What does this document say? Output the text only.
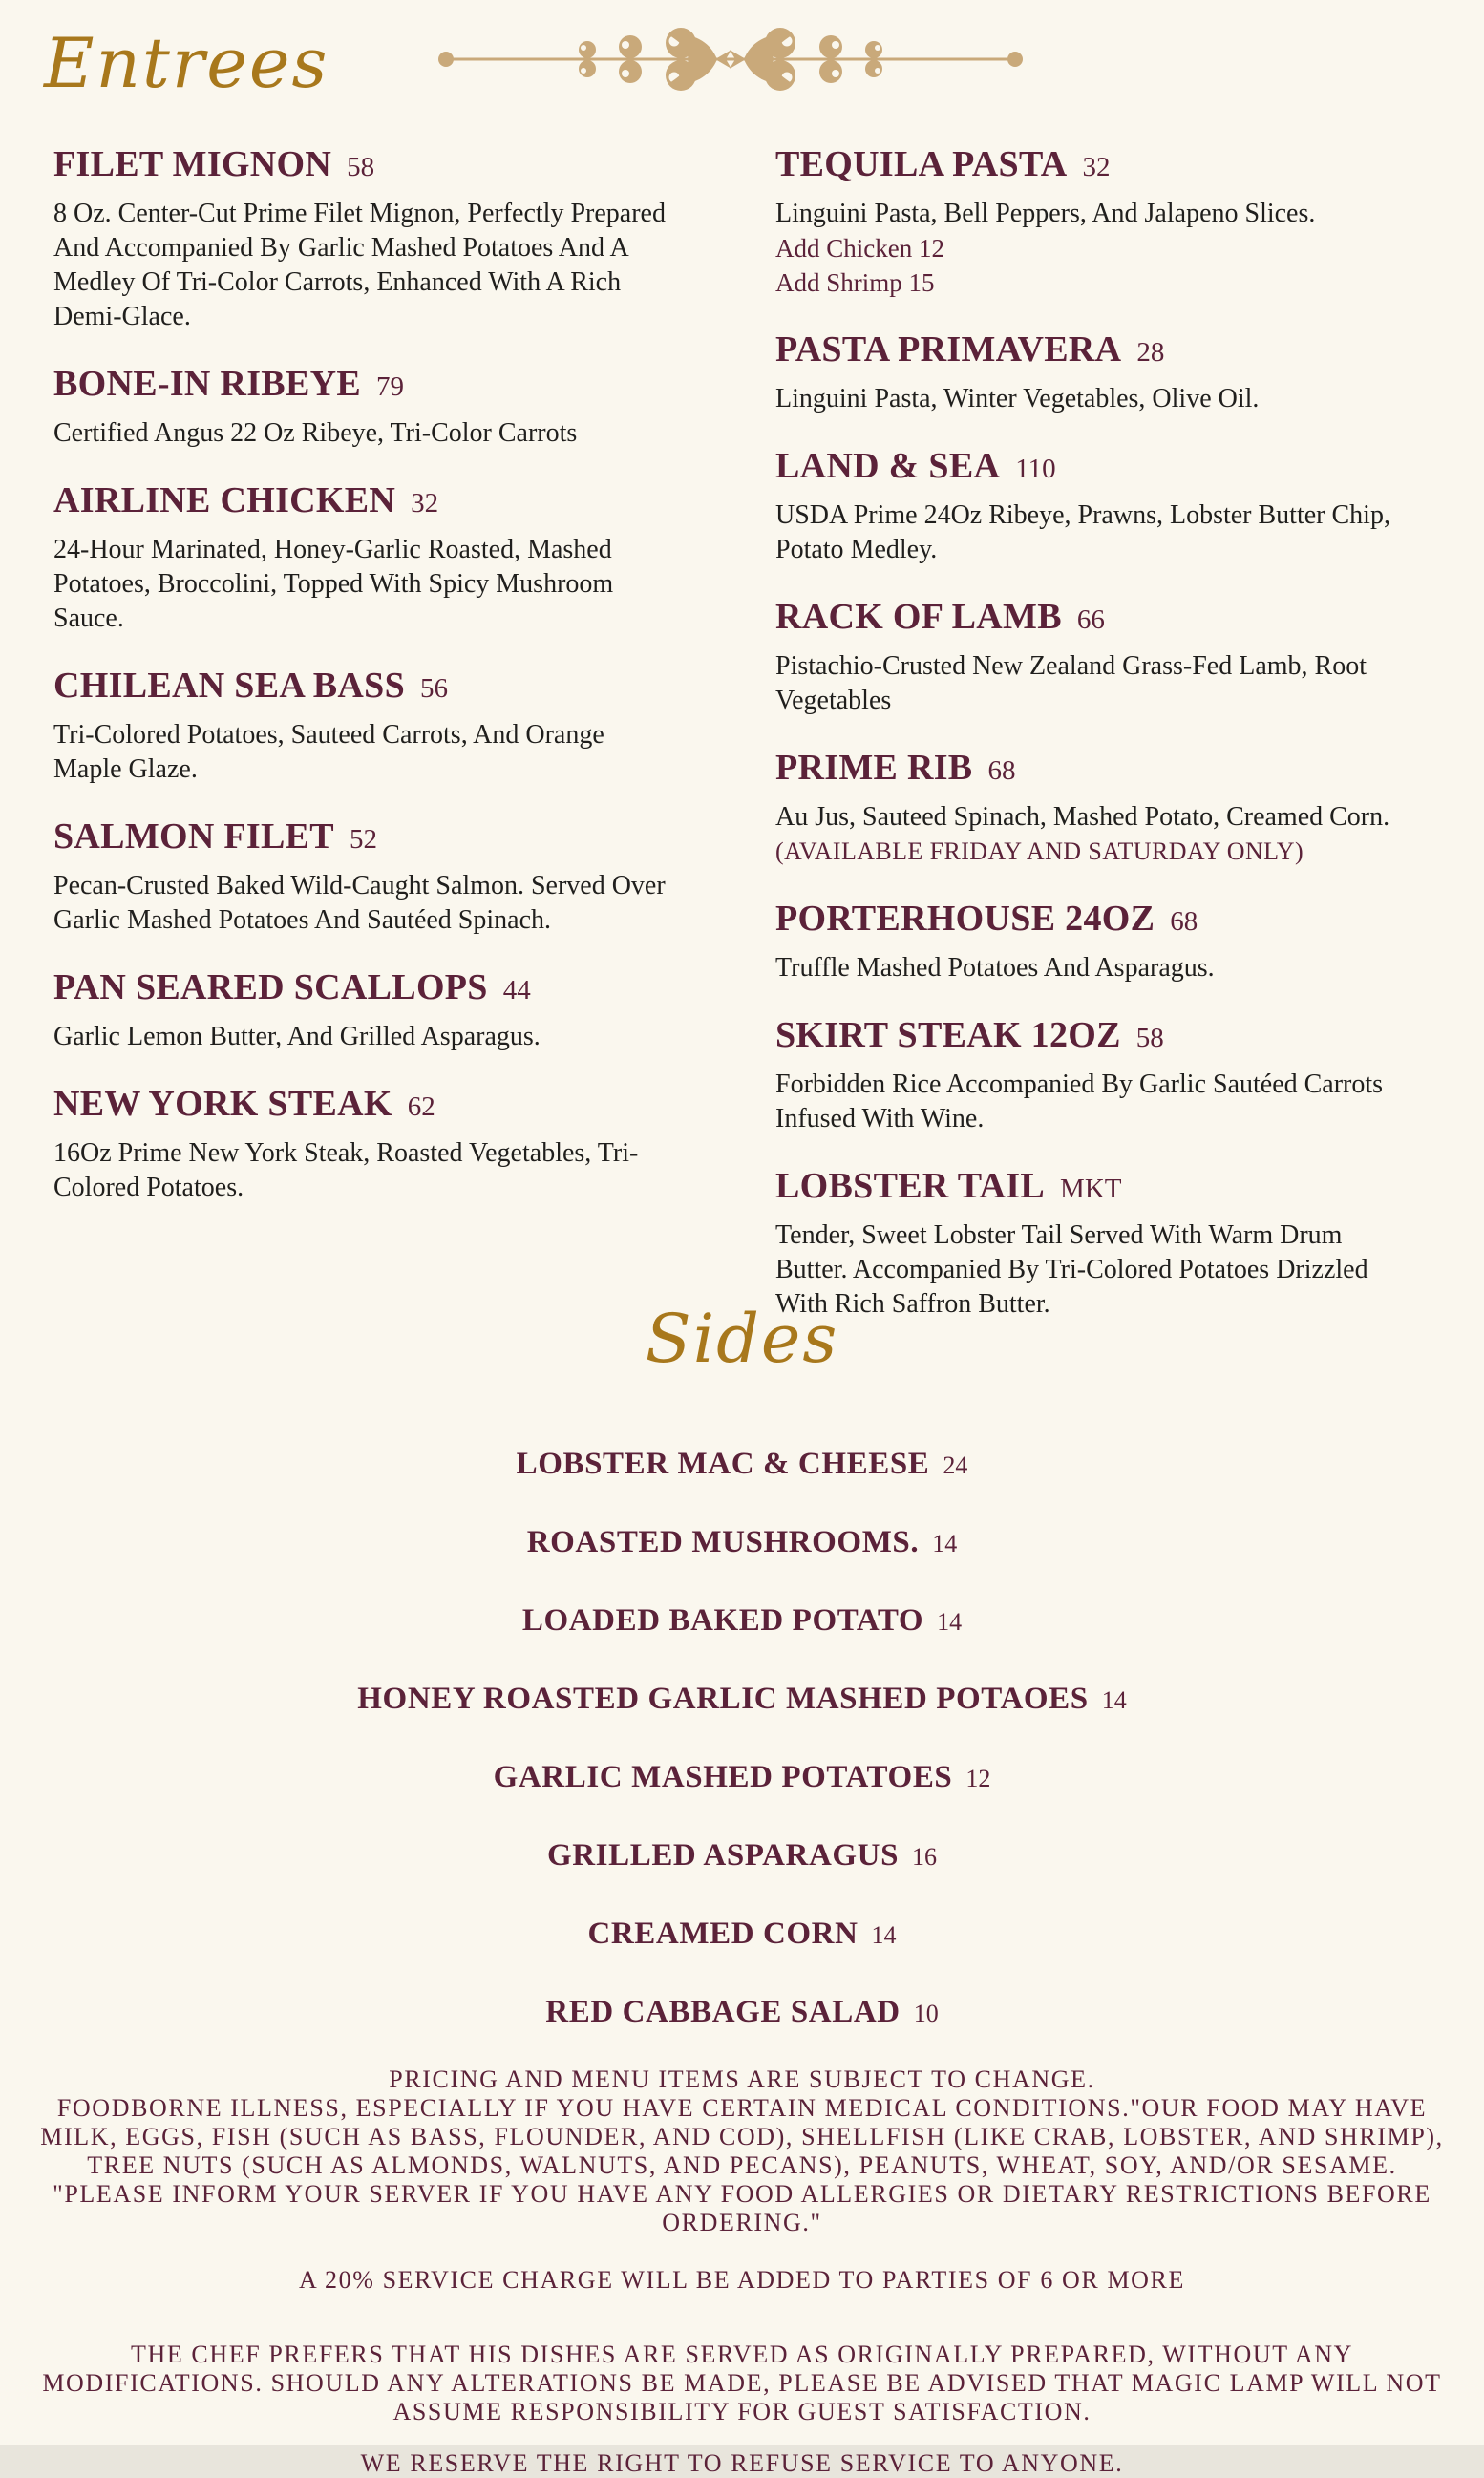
Entrees
FILET MIGNON 58
8 Oz. Center-Cut Prime Filet Mignon, Perfectly Prepared And Accompanied By Garlic Mashed Potatoes And A Medley Of Tri-Color Carrots, Enhanced With A Rich Demi-Glace.
BONE-IN RIBEYE 79
Certified Angus 22 Oz Ribeye, Tri-Color Carrots
AIRLINE CHICKEN 32
24-Hour Marinated, Honey-Garlic Roasted, Mashed Potatoes, Broccolini, Topped With Spicy Mushroom Sauce.
CHILEAN SEA BASS 56
Tri-Colored Potatoes, Sauteed Carrots, And Orange Maple Glaze.
SALMON FILET 52
Pecan-Crusted Baked Wild-Caught Salmon. Served Over Garlic Mashed Potatoes And Sautéed Spinach.
PAN SEARED SCALLOPS 44
Garlic Lemon Butter, And Grilled Asparagus.
NEW YORK STEAK 62
16Oz Prime New York Steak, Roasted Vegetables, Tri-Colored Potatoes.
TEQUILA PASTA 32
Linguini Pasta, Bell Peppers, And Jalapeno Slices.
Add Chicken 12
Add Shrimp 15
PASTA PRIMAVERA 28
Linguini Pasta, Winter Vegetables, Olive Oil.
LAND & SEA 110
USDA Prime 24Oz Ribeye, Prawns, Lobster Butter Chip, Potato Medley.
RACK OF LAMB 66
Pistachio-Crusted New Zealand Grass-Fed Lamb, Root Vegetables
PRIME RIB 68
Au Jus, Sauteed Spinach, Mashed Potato, Creamed Corn.
(AVAILABLE FRIDAY AND SATURDAY ONLY)
PORTERHOUSE 24OZ 68
Truffle Mashed Potatoes And Asparagus.
SKIRT STEAK 12OZ 58
Forbidden Rice Accompanied By Garlic Sautéed Carrots Infused With Wine.
LOBSTER TAIL MKT
Tender, Sweet Lobster Tail Served With Warm Drum Butter. Accompanied By Tri-Colored Potatoes Drizzled With Rich Saffron Butter.
Sides
LOBSTER MAC & CHEESE 24
ROASTED MUSHROOMS. 14
LOADED BAKED POTATO 14
HONEY ROASTED GARLIC MASHED POTAOES 14
GARLIC MASHED POTATOES 12
GRILLED ASPARAGUS 16
CREAMED CORN 14
RED CABBAGE SALAD 10
PRICING AND MENU ITEMS ARE SUBJECT TO CHANGE.
FOODBORNE ILLNESS, ESPECIALLY IF YOU HAVE CERTAIN MEDICAL CONDITIONS."OUR FOOD MAY HAVE MILK, EGGS, FISH (SUCH AS BASS, FLOUNDER, AND COD), SHELLFISH (LIKE CRAB, LOBSTER, AND SHRIMP), TREE NUTS (SUCH AS ALMONDS, WALNUTS, AND PECANS), PEANUTS, WHEAT, SOY, AND/OR SESAME. "PLEASE INFORM YOUR SERVER IF YOU HAVE ANY FOOD ALLERGIES OR DIETARY RESTRICTIONS BEFORE ORDERING."
A 20% SERVICE CHARGE WILL BE ADDED TO PARTIES OF 6 OR MORE
THE CHEF PREFERS THAT HIS DISHES ARE SERVED AS ORIGINALLY PREPARED, WITHOUT ANY MODIFICATIONS. SHOULD ANY ALTERATIONS BE MADE, PLEASE BE ADVISED THAT MAGIC LAMP WILL NOT ASSUME RESPONSIBILITY FOR GUEST SATISFACTION.
WE RESERVE THE RIGHT TO REFUSE SERVICE TO ANYONE.
